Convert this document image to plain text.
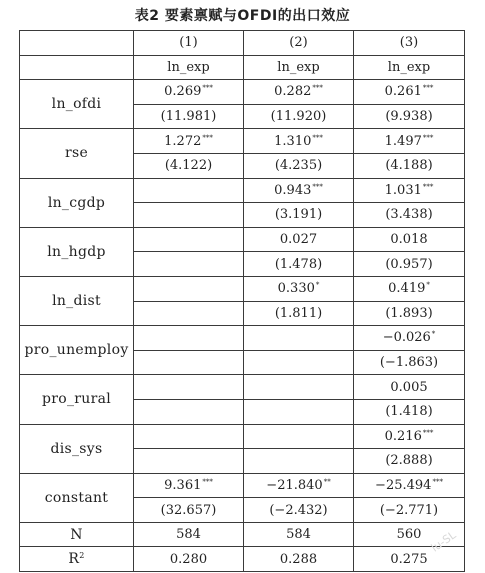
表2 要素禀赋与OFDI的出口效应
	(1)	(2)	(3)
	ln_exp	ln_exp	ln_exp
ln_ofdi	0.269***	0.282***	0.261***
	(11.981)	(11.920)	(9.938)
rse	1.272***	1.310***	1.497***
	(4.122)	(4.235)	(4.188)
ln_cgdp		0.943***	1.031***
		(3.191)	(3.438)
ln_hgdp		0.027	0.018
		(1.478)	(0.957)
ln_dist		0.330*	0.419*
		(1.811)	(1.893)
pro_unemploy			−0.026*
			(−1.863)
pro_rural			0.005
			(1.418)
dis_sys			0.216***
			(2.888)
constant	9.361***	−21.840**	−25.494***
	(32.657)	(−2.432)	(−2.771)
N	584	584	560
$R^2$	0.280	0.288	0.275
lu-SL
